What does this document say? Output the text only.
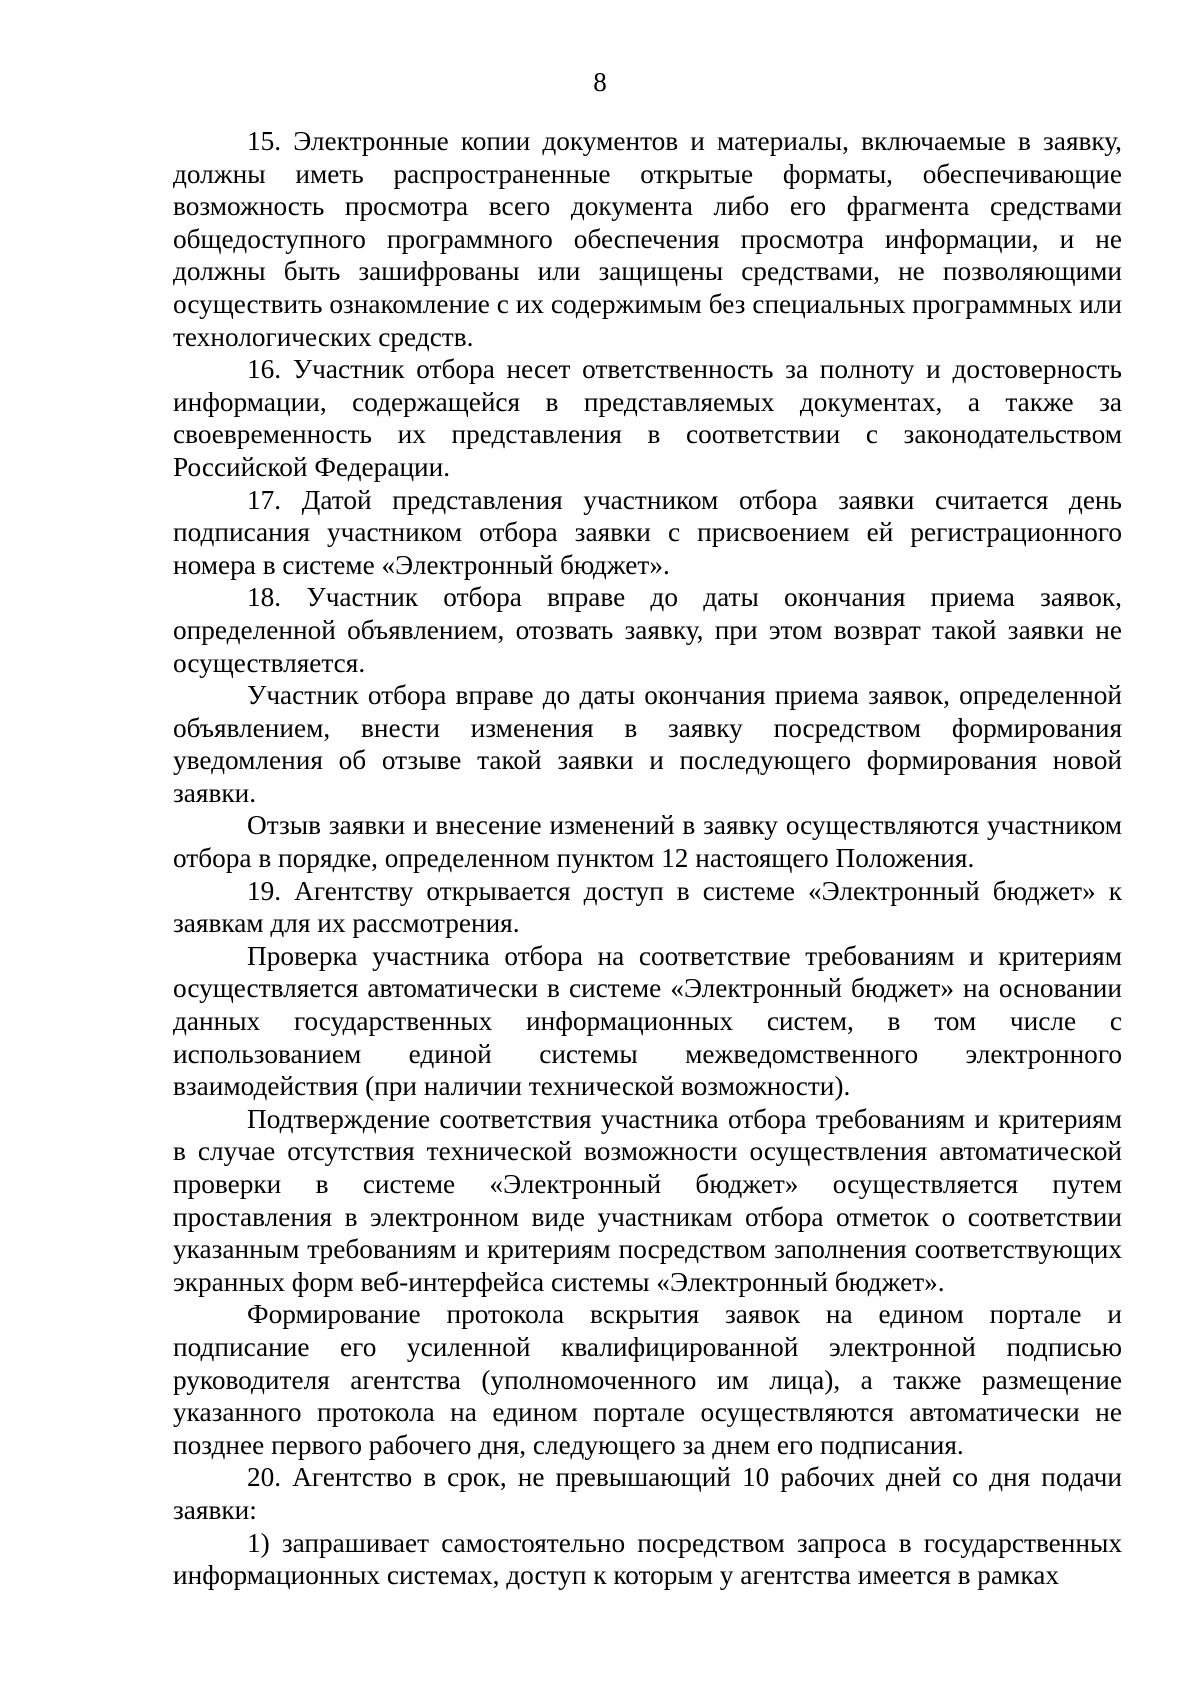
8

15. Электронные копии документов и материалы, включаемые в заявку, должны иметь распространенные открытые форматы, обеспечивающие возможность просмотра всего документа либо его фрагмента средствами общедоступного программного обеспечения просмотра информации, и не должны быть зашифрованы или защищены средствами, не позволяющими осуществить ознакомление с их содержимым без специальных программных или технологических средств.

16. Участник отбора несет ответственность за полноту и достоверность информации, содержащейся в представляемых документах, а также за своевременность их представления в соответствии с законодательством Российской Федерации.

17. Датой представления участником отбора заявки считается день подписания участником отбора заявки с присвоением ей регистрационного номера в системе «Электронный бюджет».

18. Участник отбора вправе до даты окончания приема заявок, определенной объявлением, отозвать заявку, при этом возврат такой заявки не осуществляется.

Участник отбора вправе до даты окончания приема заявок, определенной объявлением, внести изменения в заявку посредством формирования уведомления об отзыве такой заявки и последующего формирования новой заявки.

Отзыв заявки и внесение изменений в заявку осуществляются участником отбора в порядке, определенном пунктом 12 настоящего Положения.

19. Агентству открывается доступ в системе «Электронный бюджет» к заявкам для их рассмотрения.

Проверка участника отбора на соответствие требованиям и критериям осуществляется автоматически в системе «Электронный бюджет» на основании данных государственных информационных систем, в том числе с использованием единой системы межведомственного электронного взаимодействия (при наличии технической возможности).

Подтверждение соответствия участника отбора требованиям и критериям в случае отсутствия технической возможности осуществления автоматической проверки в системе «Электронный бюджет» осуществляется путем проставления в электронном виде участникам отбора отметок о соответствии указанным требованиям и критериям посредством заполнения соответствующих экранных форм веб-интерфейса системы «Электронный бюджет».

Формирование протокола вскрытия заявок на едином портале и подписание его усиленной квалифицированной электронной подписью руководителя агентства (уполномоченного им лица), а также размещение указанного протокола на едином портале осуществляются автоматически не позднее первого рабочего дня, следующего за днем его подписания.

20. Агентство в срок, не превышающий 10 рабочих дней со дня подачи заявки:

1) запрашивает самостоятельно посредством запроса в государственных информационных системах, доступ к которым у агентства имеется в рамках
